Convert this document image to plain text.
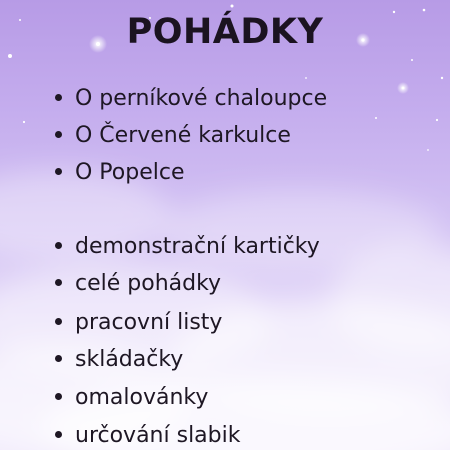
POHÁDKY
O perníkové chaloupce
O Červené karkulce
O Popelce
demonstrační kartičky
celé pohádky
pracovní listy
skládačky
omalovánky
určování slabik
